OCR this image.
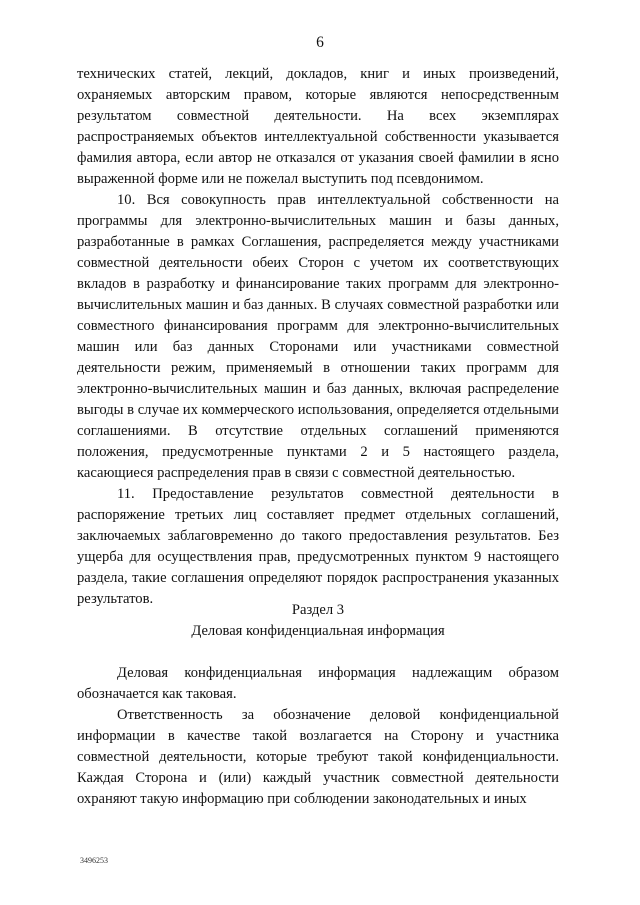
6

технических статей, лекций, докладов, книг и иных произведений, охраняемых авторским правом, которые являются непосредственным результатом совместной деятельности. На всех экземплярах распространяемых объектов интеллектуальной собственности указывается фамилия автора, если автор не отказался от указания своей фамилии в ясно выраженной форме или не пожелал выступить под псевдонимом.

10. Вся совокупность прав интеллектуальной собственности на программы для электронно-вычислительных машин и базы данных, разработанные в рамках Соглашения, распределяется между участниками совместной деятельности обеих Сторон с учетом их соответствующих вкладов в разработку и финансирование таких программ для электронно-вычислительных машин и баз данных. В случаях совместной разработки или совместного финансирования программ для электронно-вычислительных машин или баз данных Сторонами или участниками совместной деятельности режим, применяемый в отношении таких программ для электронно-вычислительных машин и баз данных, включая распределение выгоды в случае их коммерческого использования, определяется отдельными соглашениями. В отсутствие отдельных соглашений применяются положения, предусмотренные пунктами 2 и 5 настоящего раздела, касающиеся распределения прав в связи с совместной деятельностью.

11. Предоставление результатов совместной деятельности в распоряжение третьих лиц составляет предмет отдельных соглашений, заключаемых заблаговременно до такого предоставления результатов. Без ущерба для осуществления прав, предусмотренных пунктом 9 настоящего раздела, такие соглашения определяют порядок распространения указанных результатов.

Раздел 3

Деловая конфиденциальная информация

Деловая конфиденциальная информация надлежащим образом обозначается как таковая.

Ответственность за обозначение деловой конфиденциальной информации в качестве такой возлагается на Сторону и участника совместной деятельности, которые требуют такой конфиденциальности. Каждая Сторона и (или) каждый участник совместной деятельности охраняют такую информацию при соблюдении законодательных и иных

3496253
